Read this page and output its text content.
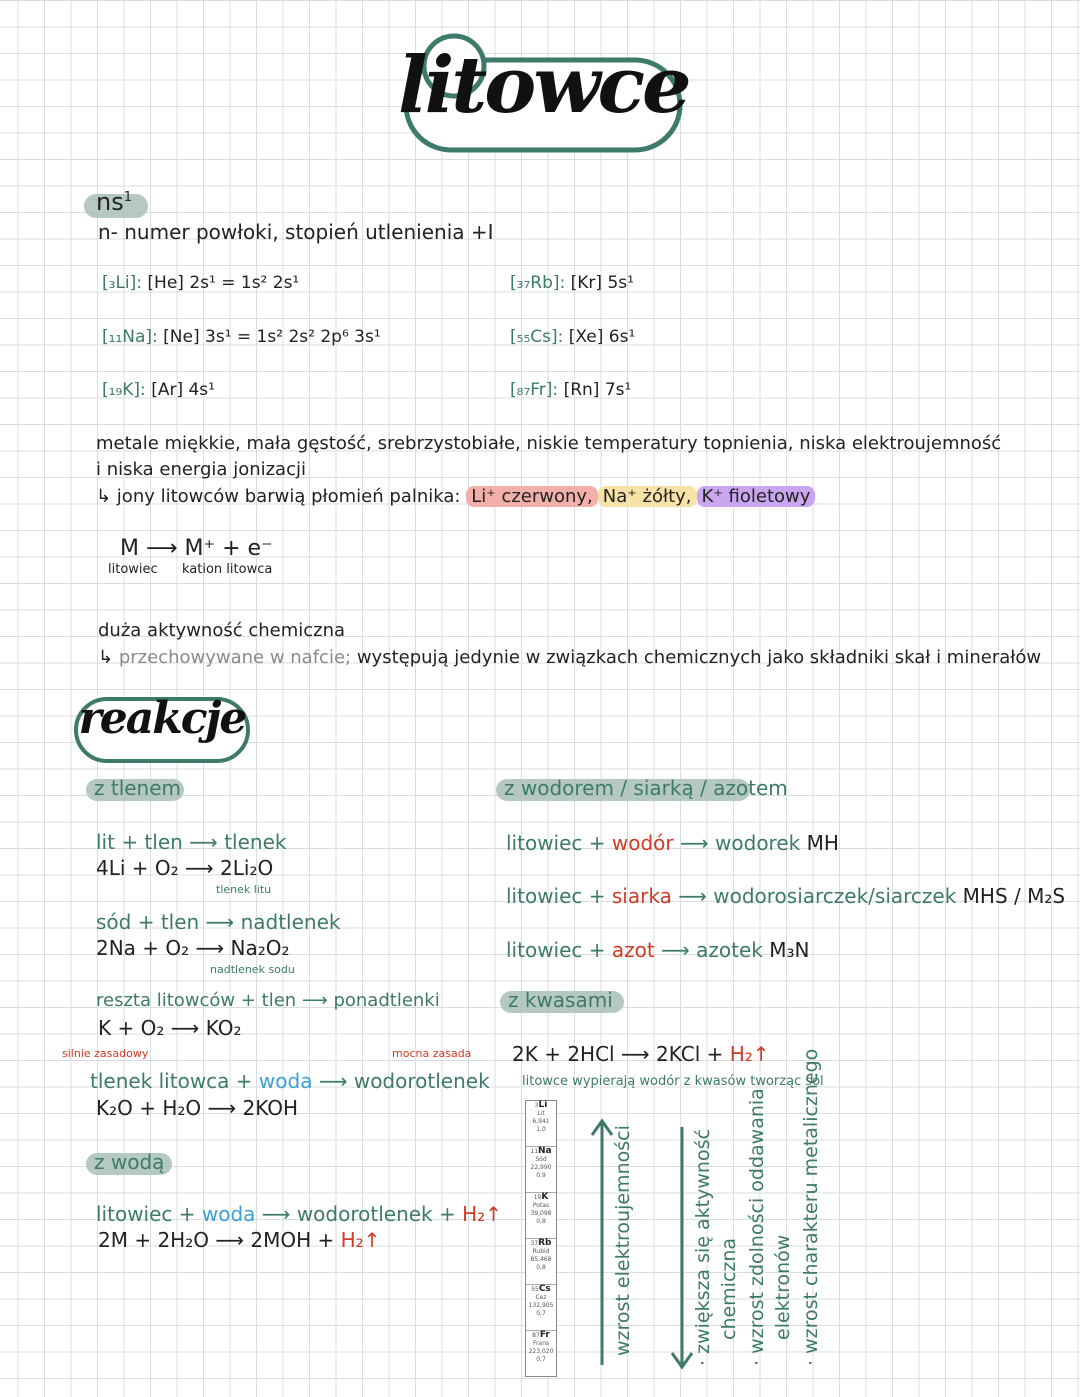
litowce
$ns^1$
n- numer powłoki, stopień utlenienia +I
[₃Li]: [He] 2s¹ = 1s² 2s¹
[₁₁Na]: [Ne] 3s¹ = 1s² 2s² 2p⁶ 3s¹
[₁₉K]: [Ar] 4s¹
[₃₇Rb]: [Kr] 5s¹
[₅₅Cs]: [Xe] 6s¹
[₈₇Fr]: [Rn] 7s¹
metale miękkie, mała gęstość, srebrzystobiałe, niskie temperatury topnienia, niska elektroujemność
i niska energia jonizacji
↳ jony litowców barwią płomień palnika: Li⁺ czerwony, Na⁺ żółty, K⁺ fioletowy
M ⟶ M⁺ + e⁻
litowiec kation litowca
duża aktywność chemiczna
↳ przechowywane w nafcie; występują jedynie w związkach chemicznych jako składniki skał i minerałów
reakcje
z tlenem
lit + tlen ⟶ tlenek
4Li + O₂ ⟶ 2Li₂O
tlenek litu
sód + tlen ⟶ nadtlenek
2Na + O₂ ⟶ Na₂O₂
nadtlenek sodu
reszta litowców + tlen ⟶ ponadtlenki
K + O₂ ⟶ KO₂
silnie zasadowy	mocna zasada
tlenek litowca + woda ⟶ wodorotlenek
K₂O + H₂O ⟶ 2KOH
z wodą
litowiec + woda ⟶ wodorotlenek + H₂↑
2M + 2H₂O ⟶ 2MOH + H₂↑
z wodorem / siarką / azotem
litowiec + wodór ⟶ wodorek MH
litowiec + siarka ⟶ wodorosiarczek/siarczek MHS / M₂S
litowiec + azot ⟶ azotek M₃N
z kwasami
2K + 2HCl ⟶ 2KCl + H₂↑
litowce wypierają wodór z kwasów tworząc sól
3Li
Lit
6,941
1,0
11Na
Sód
22,990
0,9
19K
Potas
39,098
0,8
37Rb
Rubid
85,468
0,8
55Cs
Cez
132,905
0,7
87Fr
Frans
223,020
0,7
wzrost elektroujemności	· zwiększa się aktywność chemiczna · wzrost zdolności oddawania elektronów · wzrost charakteru metalicznego
